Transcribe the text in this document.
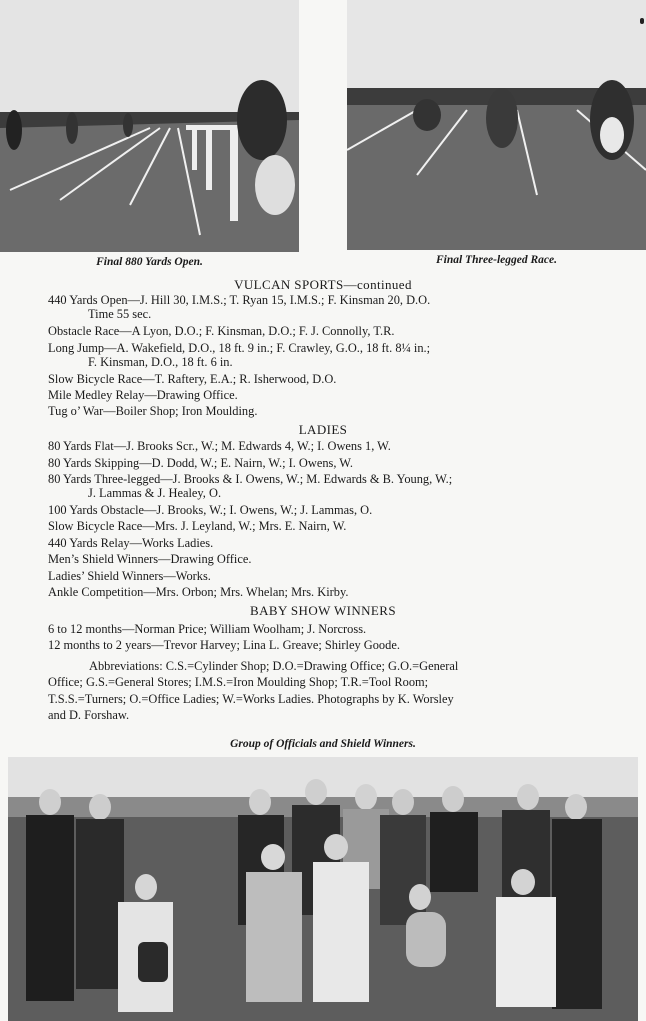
Final 880 Yards Open.	Final Three-legged Race.
VULCAN SPORTS—continued
440 Yards Open—J. Hill 30, I.M.S.; T. Ryan 15, I.M.S.; F. Kinsman 20, D.O.
Time 55 sec.
Obstacle Race—A Lyon, D.O.; F. Kinsman, D.O.; F. J. Connolly, T.R.
Long Jump—A. Wakefield, D.O., 18 ft. 9 in.; F. Crawley, G.O., 18 ft. 8¼ in.;
F. Kinsman, D.O., 18 ft. 6 in.
Slow Bicycle Race—T. Raftery, E.A.; R. Isherwood, D.O.
Mile Medley Relay—Drawing Office.
Tug o’ War—Boiler Shop; Iron Moulding.
LADIES
80 Yards Flat—J. Brooks Scr., W.; M. Edwards 4, W.; I. Owens 1, W.
80 Yards Skipping—D. Dodd, W.; E. Nairn, W.; I. Owens, W.
80 Yards Three-legged—J. Brooks & I. Owens, W.; M. Edwards & B. Young, W.;
J. Lammas & J. Healey, O.
100 Yards Obstacle—J. Brooks, W.; I. Owens, W.; J. Lammas, O.
Slow Bicycle Race—Mrs. J. Leyland, W.; Mrs. E. Nairn, W.
440 Yards Relay—Works Ladies.
Men’s Shield Winners—Drawing Office.
Ladies’ Shield Winners—Works.
Ankle Competition—Mrs. Orbon; Mrs. Whelan; Mrs. Kirby.
BABY SHOW WINNERS
6 to 12 months—Norman Price; William Woolham; J. Norcross.
12 months to 2 years—Trevor Harvey; Lina L. Greave; Shirley Goode.
Abbreviations: C.S.=Cylinder Shop; D.O.=Drawing Office; G.O.=General
Office; G.S.=General Stores; I.M.S.=Iron Moulding Shop; T.R.=Tool Room;
T.S.S.=Turners; O.=Office Ladies; W.=Works Ladies. Photographs by K. Worsley
and D. Forshaw.
Group of Officials and Shield Winners.
